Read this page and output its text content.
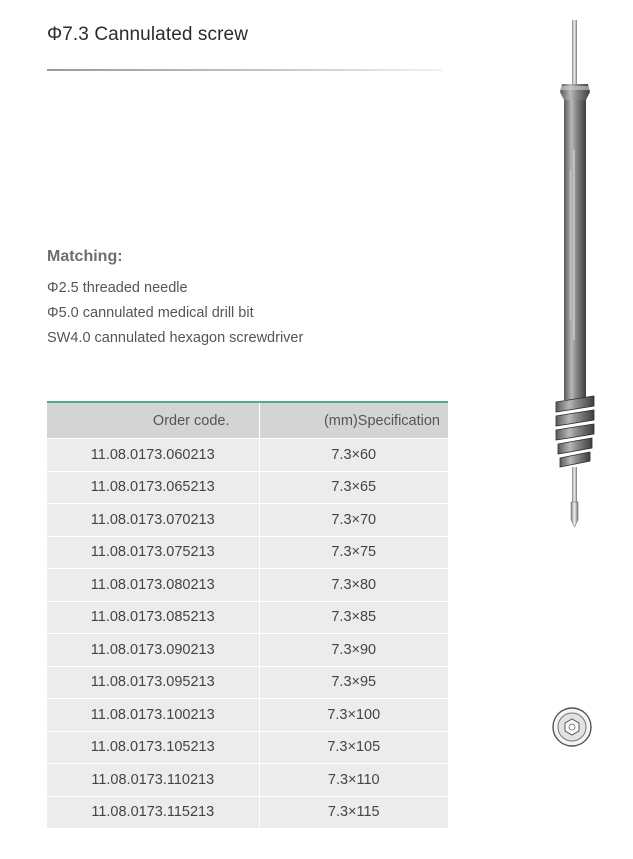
Φ7.3 Cannulated screw
Matching:
Φ2.5 threaded needle
Φ5.0 cannulated medical drill bit
SW4.0 cannulated hexagon screwdriver
Order code.	(mm)Specification
11.08.0173.060213	7.3×60
11.08.0173.065213	7.3×65
11.08.0173.070213	7.3×70
11.08.0173.075213	7.3×75
11.08.0173.080213	7.3×80
11.08.0173.085213	7.3×85
11.08.0173.090213	7.3×90
11.08.0173.095213	7.3×95
11.08.0173.100213	7.3×100
11.08.0173.105213	7.3×105
11.08.0173.110213	7.3×110
11.08.0173.115213	7.3×115
